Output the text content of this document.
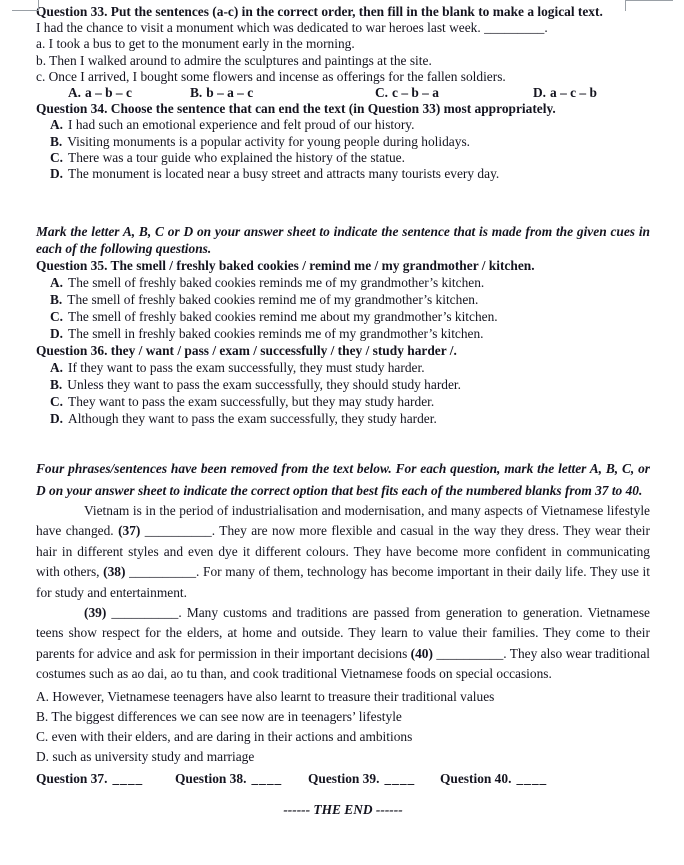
Question 33. Put the sentences (a-c) in the correct order, then fill in the blank to make a logical text.
I had the chance to visit a monument which was dedicated to war heroes last week. _________.
a. I took a bus to get to the monument early in the morning.
b. Then I walked around to admire the sculptures and paintings at the site.
c. Once I arrived, I bought some flowers and incense as offerings for the fallen soldiers.
A. a – b – c	B. b – a – c	C. c – b – a	D. a – c – b
Question 34. Choose the sentence that can end the text (in Question 33) most appropriately.
A. I had such an emotional experience and felt proud of our history.
B. Visiting monuments is a popular activity for young people during holidays.
C. There was a tour guide who explained the history of the statue.
D. The monument is located near a busy street and attracts many tourists every day.
Mark the letter A, B, C or D on your answer sheet to indicate the sentence that is made from the given cues in each of the following questions.
Question 35. The smell / freshly baked cookies / remind me / my grandmother / kitchen.
A. The smell of freshly baked cookies reminds me of my grandmother’s kitchen.
B. The smell of freshly baked cookies remind me of my grandmother’s kitchen.
C. The smell of freshly baked cookies remind me about my grandmother’s kitchen.
D. The smell in freshly baked cookies reminds me of my grandmother’s kitchen.
Question 36. they / want / pass / exam / successfully / they / study harder /.
A. If they want to pass the exam successfully, they must study harder.
B. Unless they want to pass the exam successfully, they should study harder.
C. They want to pass the exam successfully, but they may study harder.
D. Although they want to pass the exam successfully, they study harder.
Four phrases/sentences have been removed from the text below. For each question, mark the letter A, B, C, or D on your answer sheet to indicate the correct option that best fits each of the numbered blanks from 37 to 40.
Vietnam is in the period of industrialisation and modernisation, and many aspects of Vietnamese lifestyle have changed. (37) __________. They are now more flexible and casual in the way they dress. They wear their hair in different styles and even dye it different colours. They have become more confident in communicating with others, (38) __________. For many of them, technology has become important in their daily life. They use it for study and entertainment.
(39) __________. Many customs and traditions are passed from generation to generation. Vietnamese teens show respect for the elders, at home and outside. They learn to value their families. They come to their parents for advice and ask for permission in their important decisions (40) __________. They also wear traditional costumes such as ao dai, ao tu than, and cook traditional Vietnamese foods on special occasions.
A. However, Vietnamese teenagers have also learnt to treasure their traditional values
B. The biggest differences we can see now are in teenagers’ lifestyle
C. even with their elders, and are daring in their actions and ambitions
D. such as university study and marriage
Question 37. ____	Question 38. ____	Question 39. ____	Question 40. ____
------ THE END ------
